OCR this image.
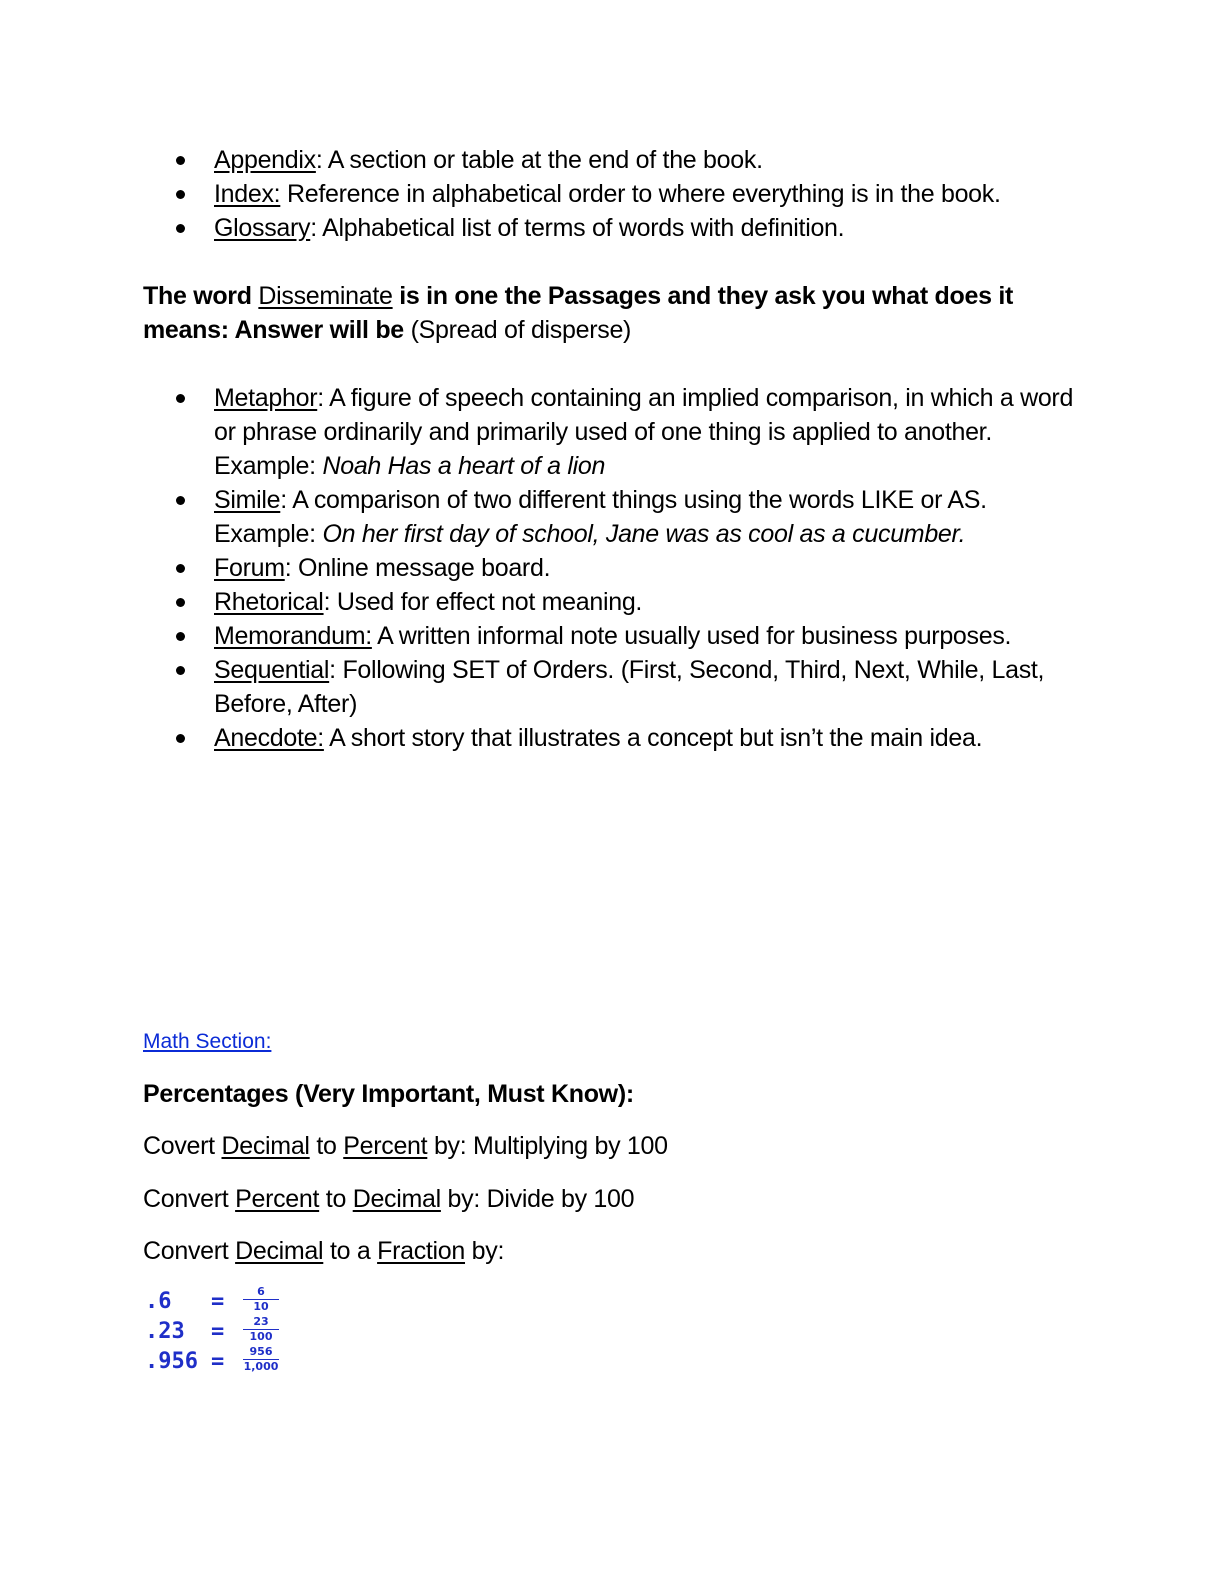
Appendix: A section or table at the end of the book.
Index: Reference in alphabetical order to where everything is in the book.
Glossary: Alphabetical list of terms of words with definition.
The word Disseminate is in one the Passages and they ask you what does it
means: Answer will be (Spread of disperse)
Metaphor: A figure of speech containing an implied comparison, in which a word or phrase ordinarily and primarily used of one thing is applied to another. Example: Noah Has a heart of a lion
Simile: A comparison of two different things using the words LIKE or AS. Example: On her first day of school, Jane was as cool as a cucumber.
Forum: Online message board.
Rhetorical: Used for effect not meaning.
Memorandum: A written informal note usually used for business purposes.
Sequential: Following SET of Orders. (First, Second, Third, Next, While, Last, Before, After)
Anecdote: A short story that illustrates a concept but isn’t the main idea.
Math Section:
Percentages (Very Important, Must Know):
Covert Decimal to Percent by: Multiplying by 100
Convert Percent to Decimal by: Divide by 100
Convert Decimal to a Fraction by:
.6 =	6
10
.23 =	23
100
.956 =	956
1,000
